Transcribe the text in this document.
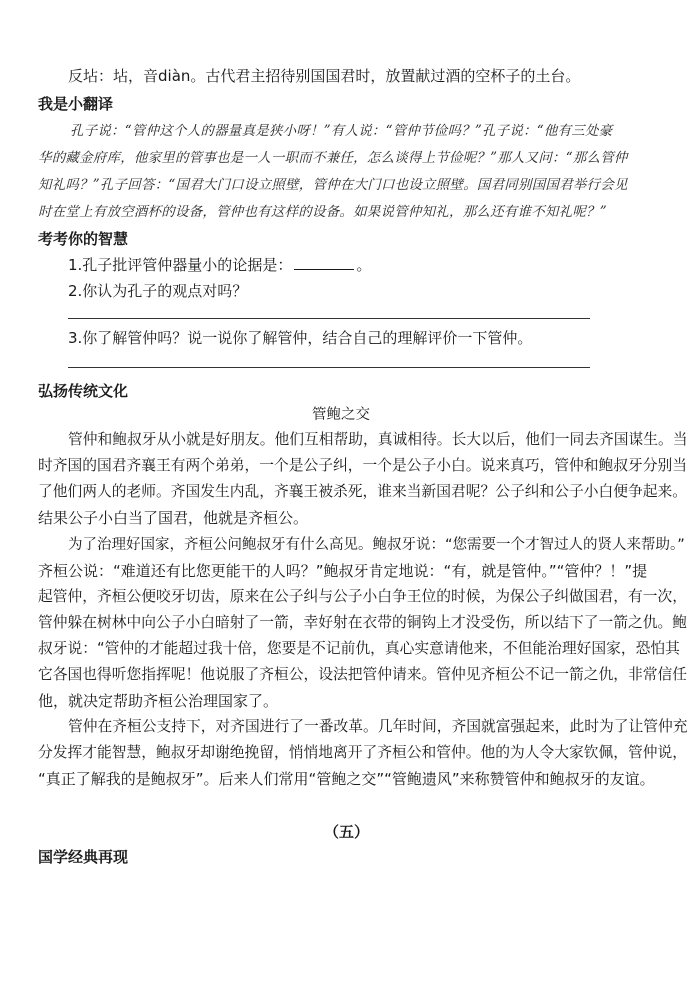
反坫：坫，音diàn。古代君主招待别国国君时，放置献过酒的空杯子的土台。
我是小翻译
孔子说：“管仲这个人的器量真是狭小呀！”有人说：“管仲节俭吗？”孔子说：“他有三处豪
华的藏金府库，他家里的管事也是一人一职而不兼任，怎么谈得上节俭呢？”那人又问：“那么管仲
知礼吗？”孔子回答：“国君大门口设立照壁，管仲在大门口也设立照壁。国君同别国国君举行会见
时在堂上有放空酒杯的设备，管仲也有这样的设备。如果说管仲知礼，那么还有谁不知礼呢？”
考考你的智慧
1.孔子批评管仲器量小的论据是：	。
2.你认为孔子的观点对吗？
3.你了解管仲吗？说一说你了解管仲，结合自己的理解评价一下管仲。
弘扬传统文化
管鲍之交
管仲和鲍叔牙从小就是好朋友。他们互相帮助，真诚相待。长大以后，他们一同去齐国谋生。当
时齐国的国君齐襄王有两个弟弟，一个是公子纠，一个是公子小白。说来真巧，管仲和鲍叔牙分别当
了他们两人的老师。齐国发生内乱，齐襄王被杀死，谁来当新国君呢？公子纠和公子小白便争起来。
结果公子小白当了国君，他就是齐桓公。
为了治理好国家，齐桓公问鲍叔牙有什么高见。鲍叔牙说：“您需要一个才智过人的贤人来帮助。”
齐桓公说：“难道还有比您更能干的人吗？”鲍叔牙肯定地说：“有，就是管仲。”“管仲？！”提
起管仲，齐桓公便咬牙切齿，原来在公子纠与公子小白争王位的时候，为保公子纠做国君，有一次，
管仲躲在树林中向公子小白暗射了一箭，幸好射在衣带的铜钩上才没受伤，所以结下了一箭之仇。鲍
叔牙说：“管仲的才能超过我十倍，您要是不记前仇，真心实意请他来，不但能治理好国家，恐怕其
它各国也得听您指挥呢！他说服了齐桓公，设法把管仲请来。管仲见齐桓公不记一箭之仇，非常信任
他，就决定帮助齐桓公治理国家了。
管仲在齐桓公支持下，对齐国进行了一番改革。几年时间，齐国就富强起来，此时为了让管仲充
分发挥才能智慧，鲍叔牙却谢绝挽留，悄悄地离开了齐桓公和管仲。他的为人令大家钦佩，管仲说，
“真正了解我的是鲍叔牙”。后来人们常用“管鲍之交”“管鲍遗风”来称赞管仲和鲍叔牙的友谊。
（五）
国学经典再现
